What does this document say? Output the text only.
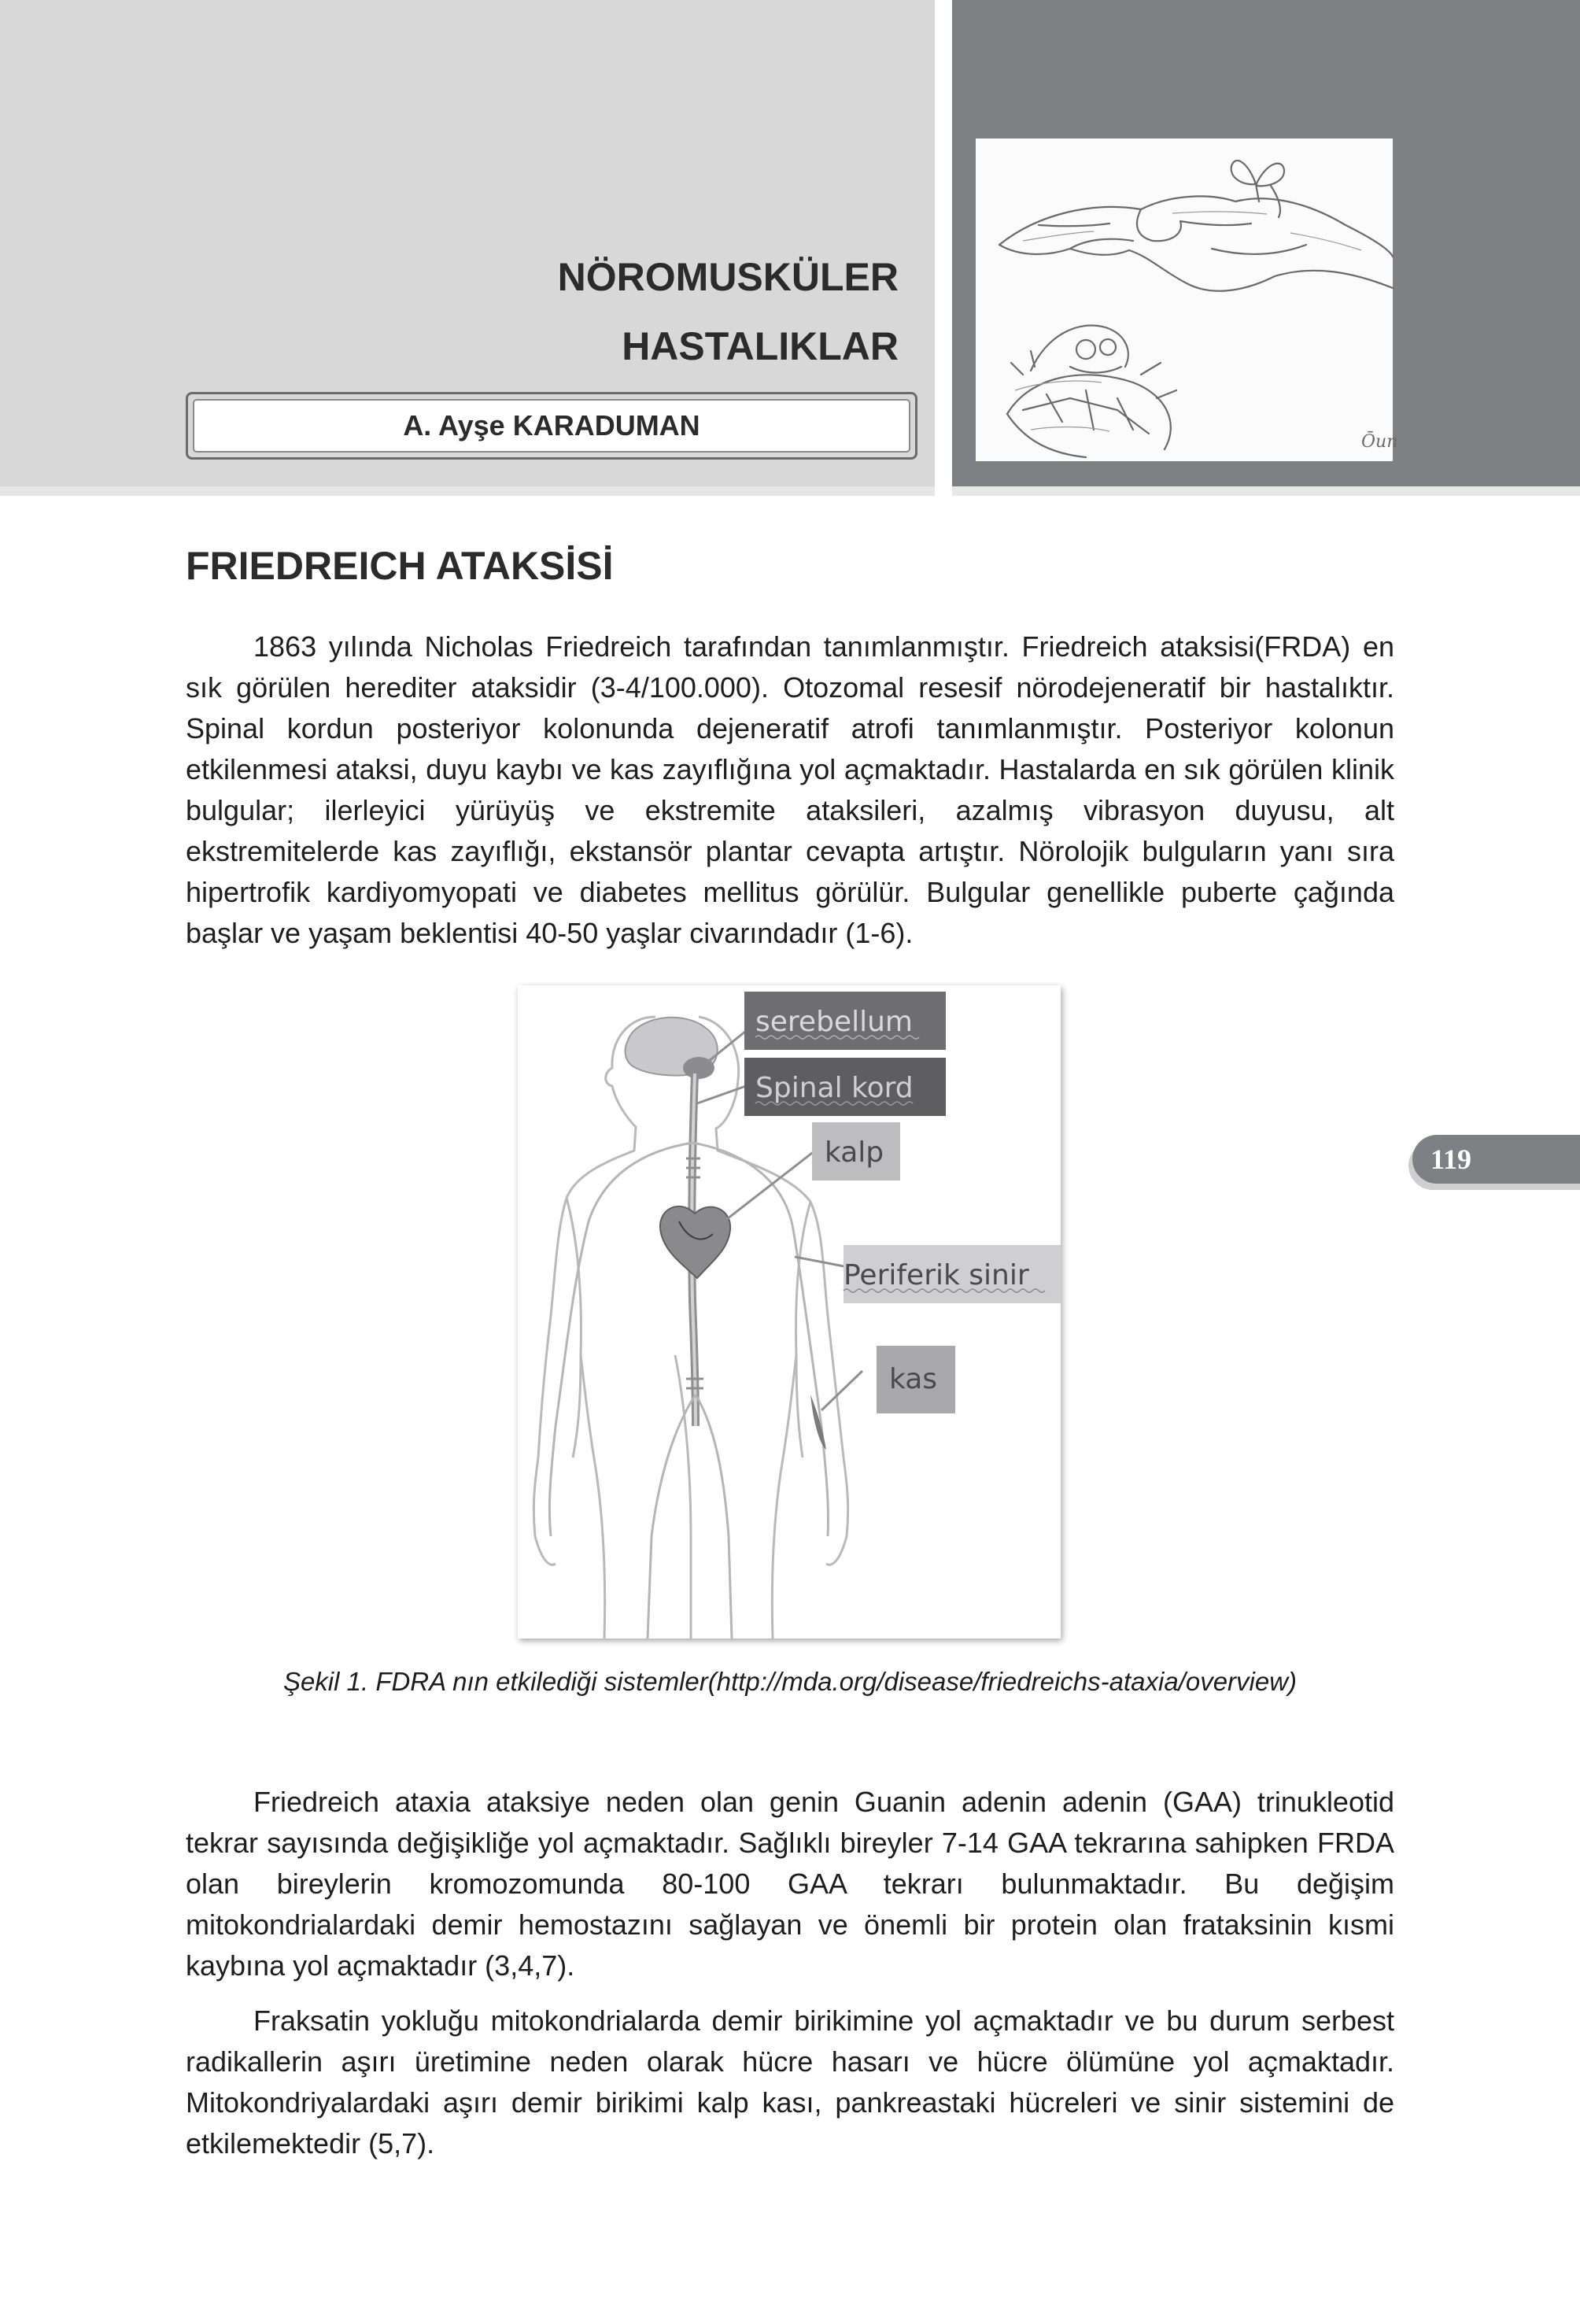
NÖROMUSKÜLER
HASTALIKLAR
A. Ayşe KARADUMAN
Ōun
FRIEDREICH ATAKSİSİ

1863 yılında Nicholas Friedreich tarafından tanımlanmıştır. Friedreich ataksisi(FRDA) en sık görülen herediter ataksidir (3-4/100.000). Otozomal resesif nörodejeneratif bir hastalıktır. Spinal kordun posteriyor kolonunda dejeneratif atrofi tanımlanmıştır. Posteriyor kolonun etkilenmesi ataksi, duyu kaybı ve kas zayıflığına yol açmaktadır. Hastalarda en sık görülen klinik bulgular; ilerleyici yürüyüş ve ekstremite ataksileri, azalmış vibrasyon duyusu, alt ekstremitelerde kas zayıflığı, ekstansör plantar cevapta artıştır. Nörolojik bulguların yanı sıra hipertrofik kardiyomyopati ve diabetes mellitus görülür. Bulgular genellikle puberte çağında başlar ve yaşam beklentisi 40-50 yaşlar civarındadır (1-6).

serebellum
Spinal kord
kalp
Periferik sinir
kas

Şekil 1. FDRA nın etkilediği sistemler(http://mda.org/disease/friedreichs-ataxia/overview)

119

Friedreich ataxia ataksiye neden olan genin Guanin adenin adenin (GAA) trinukleotid tekrar sayısında değişikliğe yol açmaktadır. Sağlıklı bireyler 7-14 GAA tekrarına sahipken FRDA olan bireylerin kromozomunda 80-100 GAA tekrarı bulunmaktadır. Bu değişim mitokondrialardaki demir hemostazını sağlayan ve önemli bir protein olan frataksinin kısmi kaybına yol açmaktadır (3,4,7).

Fraksatin yokluğu mitokondrialarda demir birikimine yol açmaktadır ve bu durum serbest radikallerin aşırı üretimine neden olarak hücre hasarı ve hücre ölümüne yol açmaktadır. Mitokondriyalardaki aşırı demir birikimi kalp kası, pankreastaki hücreleri ve sinir sistemini de etkilemektedir (5,7).
